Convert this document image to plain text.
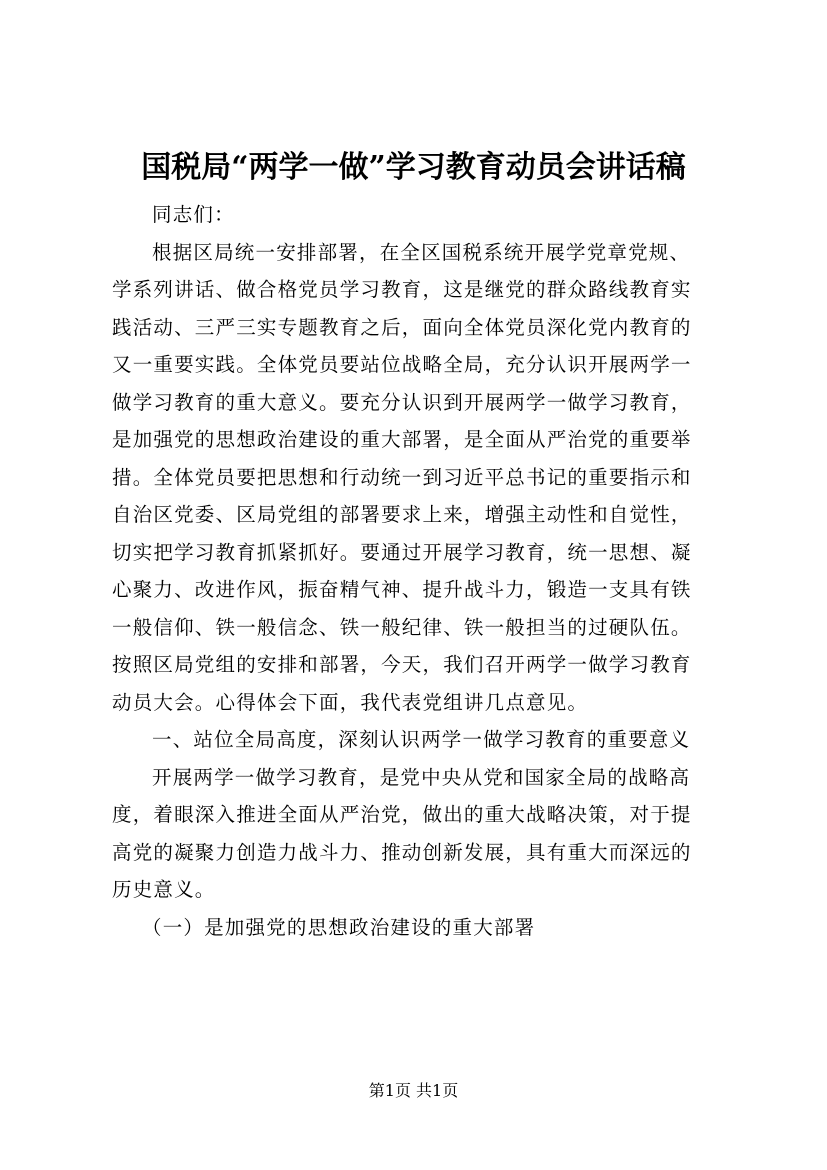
国税局“两学一做”学习教育动员会讲话稿
同志们：
根据区局统一安排部署，在全区国税系统开展学党章党规、
学系列讲话、做合格党员学习教育，这是继党的群众路线教育实
践活动、三严三实专题教育之后，面向全体党员深化党内教育的
又一重要实践。全体党员要站位战略全局，充分认识开展两学一
做学习教育的重大意义。要充分认识到开展两学一做学习教育，
是加强党的思想政治建设的重大部署，是全面从严治党的重要举
措。全体党员要把思想和行动统一到习近平总书记的重要指示和
自治区党委、区局党组的部署要求上来，增强主动性和自觉性，
切实把学习教育抓紧抓好。要通过开展学习教育，统一思想、凝
心聚力、改进作风，振奋精气神、提升战斗力，锻造一支具有铁
一般信仰、铁一般信念、铁一般纪律、铁一般担当的过硬队伍。
按照区局党组的安排和部署，今天，我们召开两学一做学习教育
动员大会。心得体会下面，我代表党组讲几点意见。
一、站位全局高度，深刻认识两学一做学习教育的重要意义
开展两学一做学习教育，是党中央从党和国家全局的战略高
度，着眼深入推进全面从严治党，做出的重大战略决策，对于提
高党的凝聚力创造力战斗力、推动创新发展，具有重大而深远的
历史意义。
（一）是加强党的思想政治建设的重大部署
第1页 共1页
